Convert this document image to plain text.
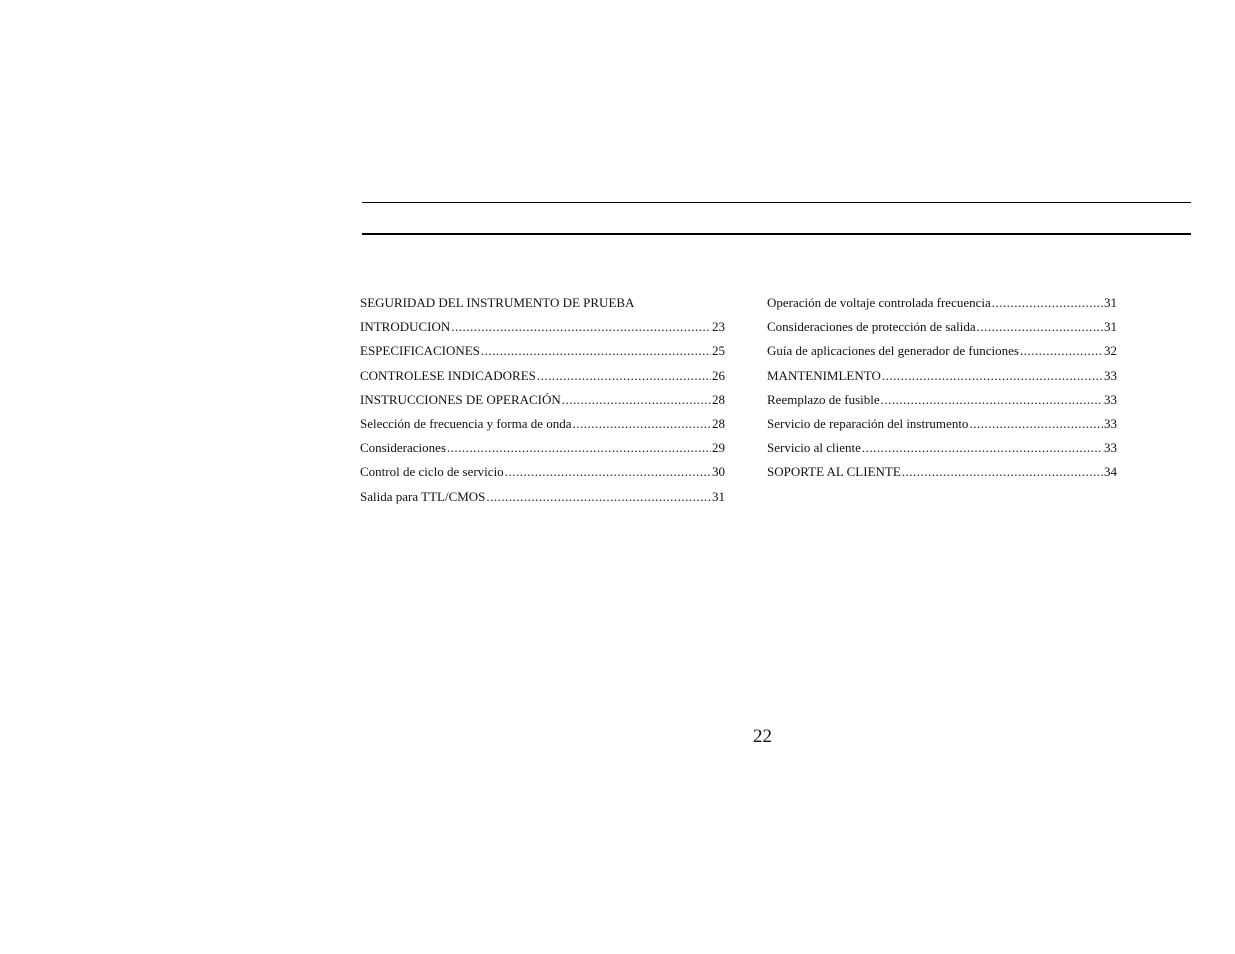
SEGURIDAD DEL INSTRUMENTO DE PRUEBA
INTRODUCION .....	23
ESPECIFICACIONES .....	25
CONTROLESE INDICADORES .....	26
INSTRUCCIONES DE OPERACIÓN .....	28
Selección de frecuencia y forma de onda .....	28
Consideraciones .....	29
Control de ciclo de servicio .....	30
Salida para TTL/CMOS .....	31
Operación de voltaje controlada frecuencia .....	31
Consideraciones de protección de salida .....	31
Guía de aplicaciones del generador de funciones .....	32
MANTENIMLENTO .....	33
Reemplazo de fusible .....	33
Servicio de reparación del instrumento .....	33
Servicio al cliente .....	33
SOPORTE AL CLIENTE .....	34
22
